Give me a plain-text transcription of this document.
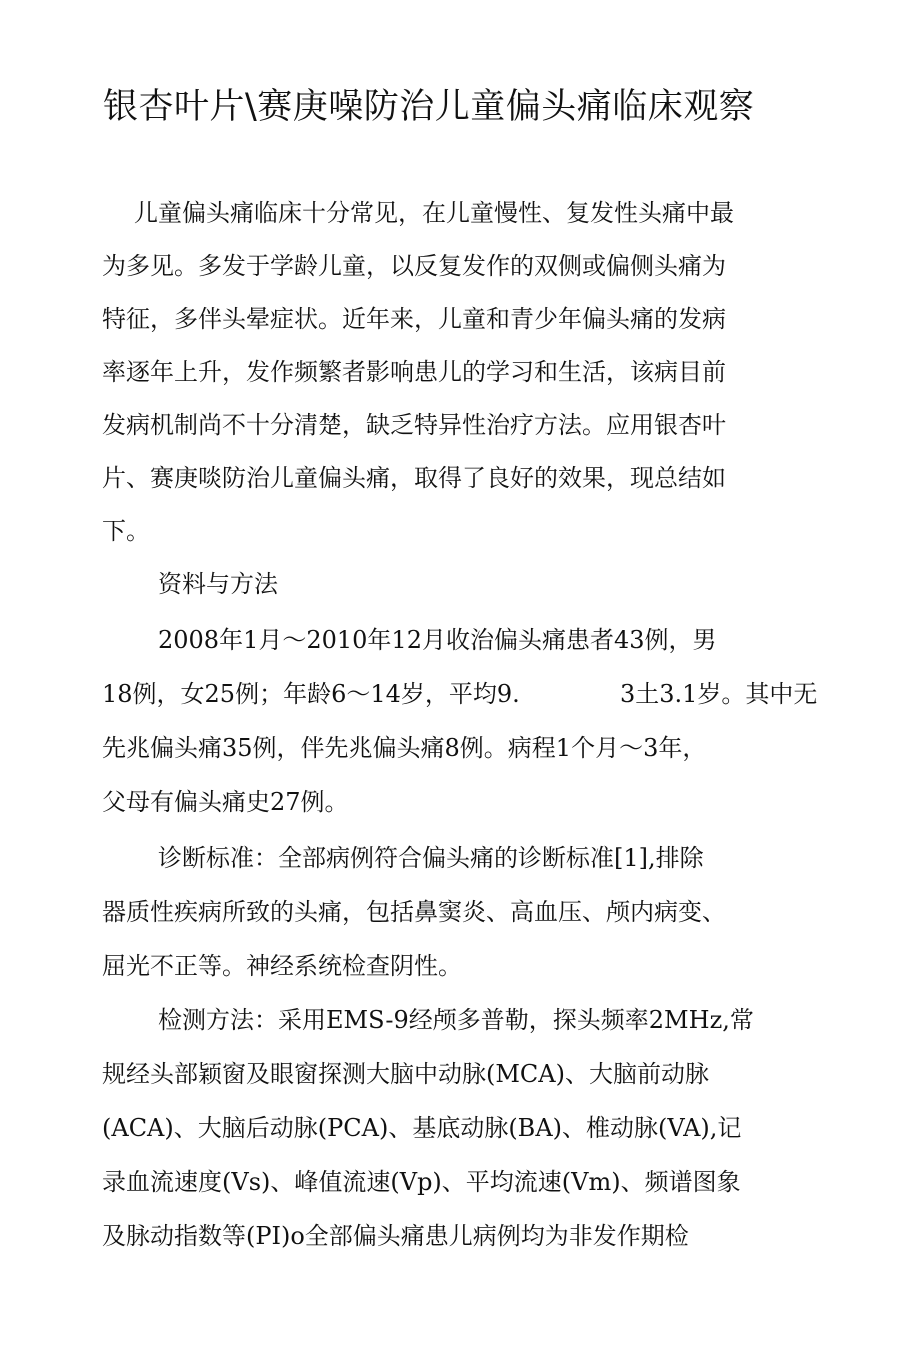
银杏叶片\赛庚噪防治儿童偏头痛临床观察

儿童偏头痛临床十分常见，在儿童慢性、复发性头痛中最

为多见。多发于学龄儿童，以反复发作的双侧或偏侧头痛为

特征，多伴头晕症状。近年来，儿童和青少年偏头痛的发病

率逐年上升，发作频繁者影响患儿的学习和生活，该病目前

发病机制尚不十分清楚，缺乏特异性治疗方法。应用银杏叶

片、赛庚啖防治儿童偏头痛，取得了良好的效果，现总结如

下。

资料与方法

2008年1月～2010年12月收治偏头痛患者43例，男

18例，女25例；年龄6～14岁，平均9.	3土3.1岁。其中无

先兆偏头痛35例，伴先兆偏头痛8例。病程1个月～3年，

父母有偏头痛史27例。

诊断标准：全部病例符合偏头痛的诊断标准[1],排除

器质性疾病所致的头痛，包括鼻窦炎、高血压、颅内病变、

屈光不正等。神经系统检查阴性。

检测方法：采用EMS-9经颅多普勒，探头频率2MHz,常

规经头部颖窗及眼窗探测大脑中动脉(MCA)、大脑前动脉

(ACA)、大脑后动脉(PCA)、基底动脉(BA)、椎动脉(VA),记

录血流速度(Vs)、峰值流速(Vp)、平均流速(Vm)、频谱图象

及脉动指数等(PI)o全部偏头痛患儿病例均为非发作期检
